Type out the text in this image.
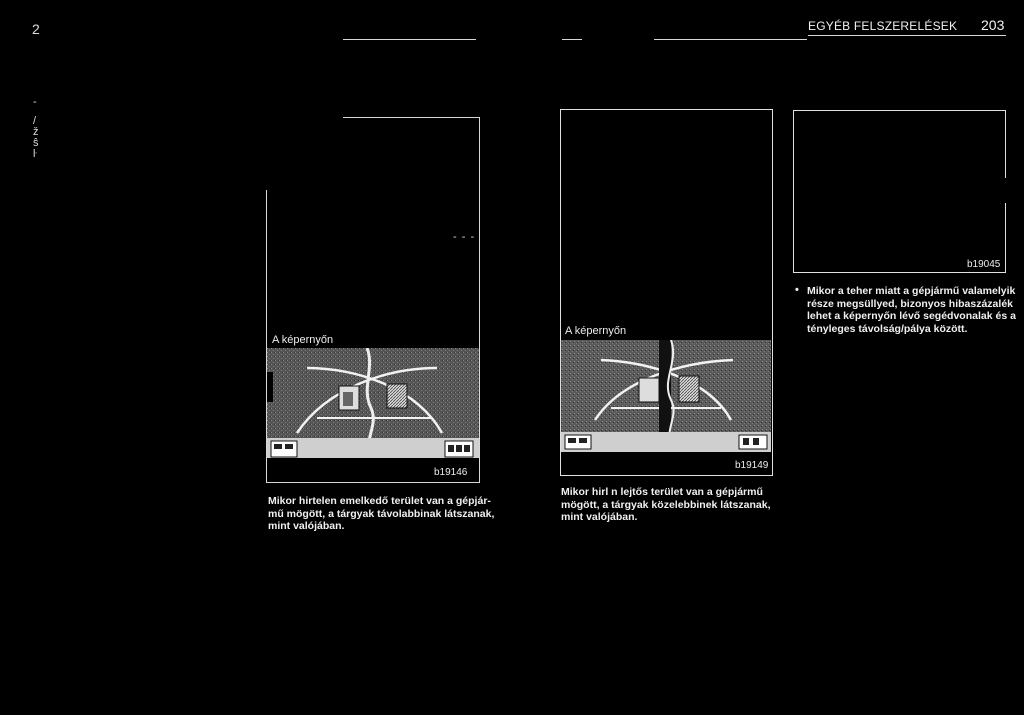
2	EGYÉB FELSZERELÉSEK 203
-
/
ž
ŝ
ŀ
- - -
A képernyőn
b19146
Mikor hirtelen emelkedő terület van a gépjár-
mű mögött, a tárgyak távolabbinak látszanak,
mint valójában.
A képernyőn
b19149
Mikor hirl n lejtős terület van a gépjármű
mögött, a tárgyak közelebbinek látszanak,
mint valójában.
b19045
• Mikor a teher miatt a gépjármű valamelyik
része megsüllyed, bizonyos hibaszázalék
lehet a képernyőn lévő segédvonalak és a
tényleges távolság/pálya között.
